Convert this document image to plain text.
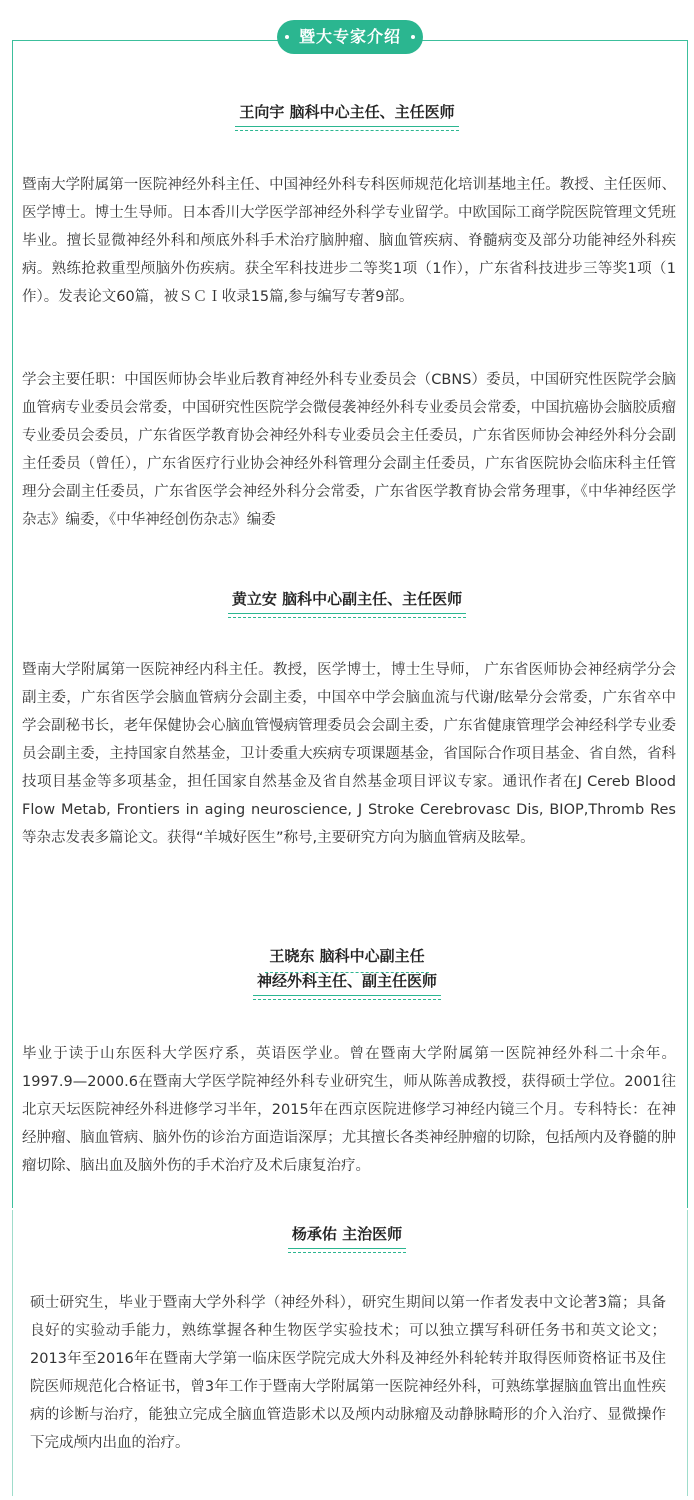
暨大专家介绍
王向宇 脑科中心主任、主任医师
暨南大学附属第一医院神经外科主任、中国神经外科专科医师规范化培训基地主任。教授、主任医师、医学博士。博士生导师。日本香川大学医学部神经外科学专业留学。中欧国际工商学院医院管理文凭班毕业。擅长显微神经外科和颅底外科手术治疗脑肿瘤、脑血管疾病、脊髓病变及部分功能神经外科疾病。熟练抢救重型颅脑外伤疾病。获全军科技进步二等奖1项（1作），广东省科技进步三等奖1项（1作）。发表论文60篇，被ＳＣＩ收录15篇,参与编写专著9部。
学会主要任职：中国医师协会毕业后教育神经外科专业委员会（CBNS）委员，中国研究性医院学会脑血管病专业委员会常委，中国研究性医院学会微侵袭神经外科专业委员会常委，中国抗癌协会脑胶质瘤专业委员会委员，广东省医学教育协会神经外科专业委员会主任委员，广东省医师协会神经外科分会副主任委员（曾任），广东省医疗行业协会神经外科管理分会副主任委员，广东省医院协会临床科主任管理分会副主任委员，广东省医学会神经外科分会常委，广东省医学教育协会常务理事，《中华神经医学杂志》编委，《中华神经创伤杂志》编委
黄立安 脑科中心副主任、主任医师
暨南大学附属第一医院神经内科主任。教授，医学博士，博士生导师， 广东省医师协会神经病学分会副主委，广东省医学会脑血管病分会副主委，中国卒中学会脑血流与代谢/眩晕分会常委，广东省卒中学会副秘书长，老年保健协会心脑血管慢病管理委员会会副主委，广东省健康管理学会神经科学专业委员会副主委，主持国家自然基金，卫计委重大疾病专项课题基金，省国际合作项目基金、省自然，省科技项目基金等多项基金，担任国家自然基金及省自然基金项目评议专家。通讯作者在J Cereb Blood Flow Metab, Frontiers in aging neuroscience, J Stroke Cerebrovasc Dis, BIOP,Thromb Res等杂志发表多篇论文。获得“羊城好医生”称号,主要研究方向为脑血管病及眩晕。
王晓东 脑科中心副主任
神经外科主任、副主任医师
毕业于读于山东医科大学医疗系，英语医学业。曾在暨南大学附属第一医院神经外科二十余年。1997.9—2000.6在暨南大学医学院神经外科专业研究生，师从陈善成教授，获得硕士学位。2001往北京天坛医院神经外科进修学习半年，2015年在西京医院进修学习神经内镜三个月。专科特长：在神经肿瘤、脑血管病、脑外伤的诊治方面造诣深厚；尤其擅长各类神经肿瘤的切除，包括颅内及脊髓的肿瘤切除、脑出血及脑外伤的手术治疗及术后康复治疗。
杨承佑 主治医师
硕士研究生，毕业于暨南大学外科学（神经外科），研究生期间以第一作者发表中文论著3篇；具备良好的实验动手能力，熟练掌握各种生物医学实验技术；可以独立撰写科研任务书和英文论文； 2013年至2016年在暨南大学第一临床医学院完成大外科及神经外科轮转并取得医师资格证书及住院医师规范化合格证书，曾3年工作于暨南大学附属第一医院神经外科，可熟练掌握脑血管出血性疾病的诊断与治疗，能独立完成全脑血管造影术以及颅内动脉瘤及动静脉畸形的介入治疗、显微操作下完成颅内出血的治疗。
